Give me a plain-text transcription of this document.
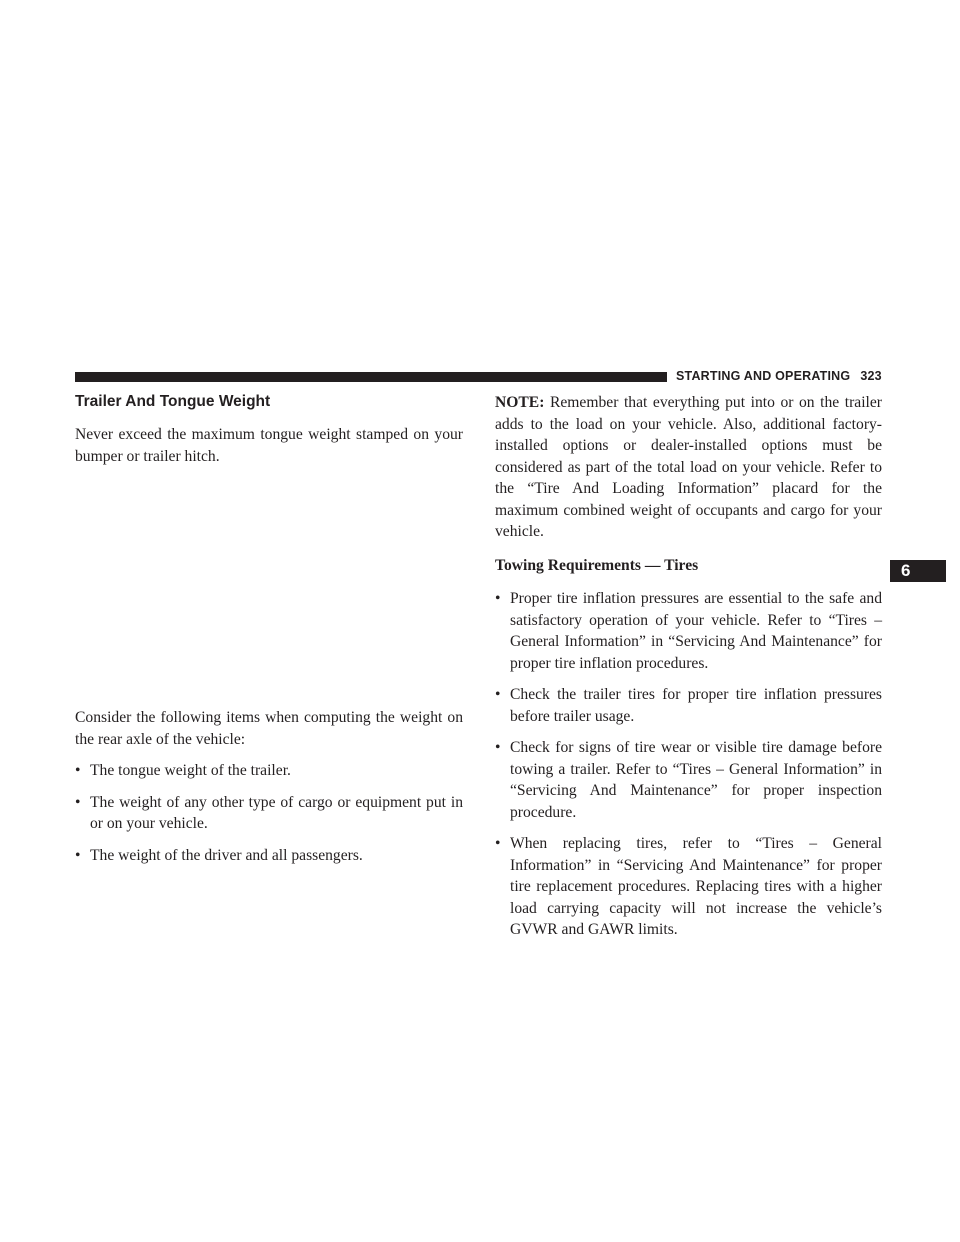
STARTING AND OPERATING 323
6
Trailer And Tongue Weight

Never exceed the maximum tongue weight stamped on your bumper or trailer hitch.

Consider the following items when computing the weight on the rear axle of the vehicle:

• The tongue weight of the trailer.
• The weight of any other type of cargo or equipment put in or on your vehicle.
• The weight of the driver and all passengers.

NOTE: Remember that everything put into or on the trailer adds to the load on your vehicle. Also, additional factory-installed options or dealer-installed options must be considered as part of the total load on your vehicle. Refer to the “Tire And Loading Information” placard for the maximum combined weight of occupants and cargo for your vehicle.

Towing Requirements — Tires
• Proper tire inflation pressures are essential to the safe and satisfactory operation of your vehicle. Refer to “Tires – General Information” in “Servicing And Maintenance” for proper tire inflation procedures.
• Check the trailer tires for proper tire inflation pressures before trailer usage.
• Check for signs of tire wear or visible tire damage before towing a trailer. Refer to “Tires – General Information” in “Servicing And Maintenance” for proper inspection procedure.
• When replacing tires, refer to “Tires – General Information” in “Servicing And Maintenance” for proper tire replacement procedures. Replacing tires with a higher load carrying capacity will not increase the vehicle’s GVWR and GAWR limits.
